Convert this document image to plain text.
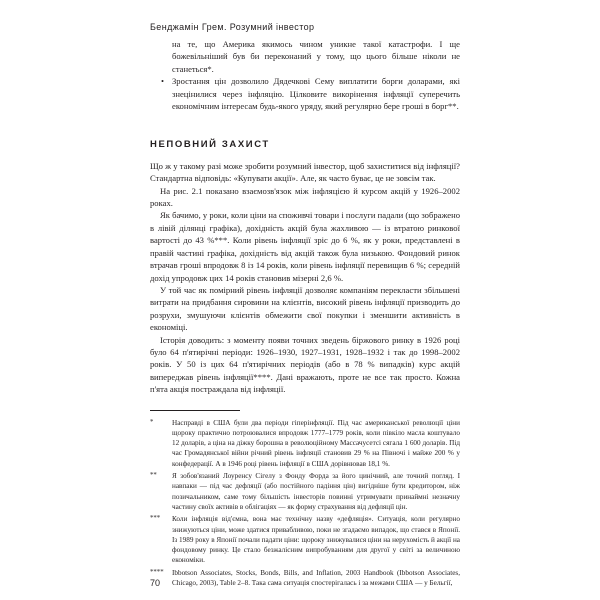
Бенджамін Грем. Розумний інвестор

на те, що Америка якимось чином уникне такої катастрофи. І ще божевільніший був би переконаний у тому, що цього більше ніколи не станеться*.

• Зростання цін дозволило Дядечкові Сему виплатити борги доларами, які знецінилися через інфляцію. Цілковите викорінення інфляції суперечить економічним інтересам будь-якого уряду, який регулярно бере гроші в борг**.
НЕПОВНИЙ ЗАХИСТ

Що ж у такому разі може зробити розумний інвестор, щоб захиститися від інфляції? Стандартна відповідь: «Купувати акції». Але, як часто буває, це не зовсім так.

На рис. 2.1 показано взаємозв'язок між інфляцією й курсом акцій у 1926–2002 роках.

Як бачимо, у роки, коли ціни на споживчі товари і послуги падали (що зображено в лівій ділянці графіка), дохідність акцій була жахливою — із втратою ринкової вартості до 43 %***. Коли рівень інфляції зріс до 6 %, як у роки, представлені в правій частині графіка, дохідність від акцій також була низькою. Фондовий ринок втрачав гроші впродовж 8 із 14 років, коли рівень інфляції перевищив 6 %; середній дохід упродовж цих 14 років становив мізерні 2,6 %.

У той час як помірний рівень інфляції дозволяє компаніям перекласти збільшені витрати на придбання сировини на клієнтів, високий рівень інфляції призводить до розрухи, змушуючи клієнтів обмежити свої покупки і зменшити активність в економіці.

Історія доводить: з моменту появи точних зведень біржового ринку в 1926 році було 64 п'ятирічні періоди: 1926–1930, 1927–1931, 1928–1932 і так до 1998–2002 років. У 50 із цих 64 п'ятирічних періодів (або в 78 % випадків) курс акцій випереджав рівень інфляції****. Дані вражають, проте не все так просто. Кожна п'ята акція постраждала від інфляції.

*	Насправді в США були два періоди гіперінфляції. Під час американської революції ціни щороку практично потроювалися впродовж 1777–1779 років, коли півкіло масла коштувало 12 доларів, а ціна на діжку борошна в революційному Массачусетсі сягала 1 600 доларів. Під час Громадянської війни річний рівень інфляції становив 29 % на Півночі і майже 200 % у конфедерації. А в 1946 році рівень інфляції в США дорівнював 18,1 %.
** Я зобов'язаний Лоуренсу Сігелу з Фонду Форда за його цинічний, але точний погляд. І навпаки — під час дефляції (або постійного падіння цін) вигідніше бути кредитором, ніж позичальником, саме тому більшість інвесторів повинні утримувати принаймні незначну частину своїх активів в облігаціях — як форму страхування від дефляції цін.
*** Коли інфляція від'ємна, вона має технічну назву «дефляція». Ситуація, коли регулярно знижуються ціни, може здатися привабливою, поки не згадаємо випадок, що стався в Японії. Із 1989 року в Японії почали падати ціни: щороку знижувалися ціни на нерухомість й акції на фондовому ринку. Це стало безжалісним випробуванням для другої у світі за величиною економіки.
**** Ibbotson Associates, Stocks, Bonds, Bills, and Inflation, 2003 Handbook (Ibbotson Associates, Chicago, 2003), Table 2–8. Така сама ситуація спостерігалась і за межами США — у Бельгії,
70
